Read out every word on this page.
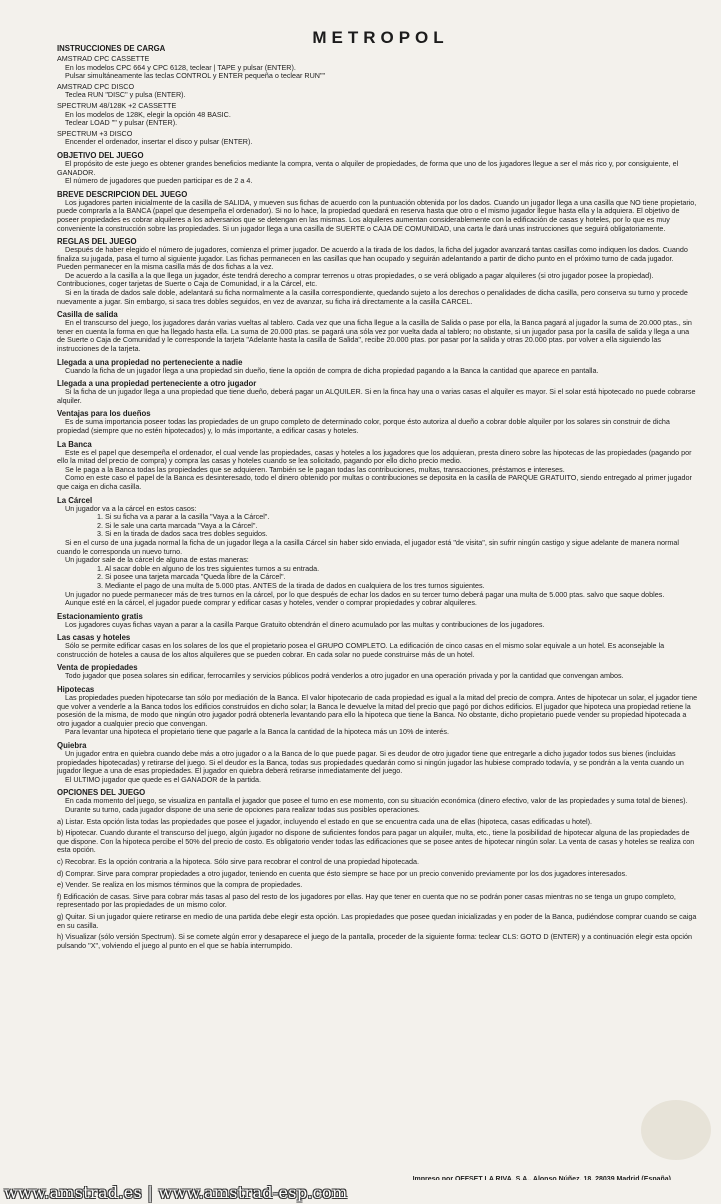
METROPOL
INSTRUCCIONES DE CARGA
AMSTRAD CPC CASSETTE
En los modelos CPC 664 y CPC 6128, teclear | TAPE y pulsar (ENTER).
Pulsar simultáneamente las teclas CONTROL y ENTER pequeña o teclear RUN""
AMSTRAD CPC DISCO
Teclea RUN "DISC" y pulsa (ENTER).
SPECTRUM 48/128K +2 CASSETTE
En los modelos de 128K, elegir la opción 48 BASIC.
Teclear LOAD "" y pulsar (ENTER).
SPECTRUM +3 DISCO
Encender el ordenador, insertar el disco y pulsar (ENTER).
OBJETIVO DEL JUEGO
El propósito de este juego es obtener grandes beneficios mediante la compra, venta o alquiler de propiedades, de forma que uno de los jugadores llegue a ser el más rico y, por consiguiente, el GANADOR.
El número de jugadores que pueden participar es de 2 a 4.
BREVE DESCRIPCION DEL JUEGO
Los jugadores parten inicialmente de la casilla de SALIDA, y mueven sus fichas de acuerdo con la puntuación obtenida por los dados. Cuando un jugador llega a una casilla que NO tiene propietario, puede comprarla a la BANCA (papel que desempeña el ordenador). Si no lo hace, la propiedad quedará en reserva hasta que otro o el mismo jugador llegue hasta ella y la adquiera. El objetivo de poseer propiedades es cobrar alquileres a los adversarios que se detengan en las mismas. Los alquileres aumentan considerablemente con la edificación de casas y hoteles, por lo que es muy conveniente la construcción sobre las propiedades. Si un jugador llega a una casilla de SUERTE o CAJA DE COMUNIDAD, una carta le dará unas instrucciones que seguirá obligatoriamente.
REGLAS DEL JUEGO
Después de haber elegido el número de jugadores, comienza el primer jugador. De acuerdo a la tirada de los dados, la ficha del jugador avanzará tantas casillas como indiquen los dados. Cuando finaliza su jugada, pasa el turno al siguiente jugador. Las fichas permanecen en las casillas que han ocupado y seguirán adelantando a partir de dicho punto en el próximo turno de cada jugador. Pueden permanecer en la misma casilla más de dos fichas a la vez.
De acuerdo a la casilla a la que llega un jugador, éste tendrá derecho a comprar terrenos u otras propiedades, o se verá obligado a pagar alquileres (si otro jugador posee la propiedad). Contribuciones, coger tarjetas de Suerte o Caja de Comunidad, ir a la Cárcel, etc.
Si en la tirada de dados sale doble, adelantará su ficha normalmente a la casilla correspondiente, quedando sujeto a los derechos o penalidades de dicha casilla, pero conserva su turno y procede nuevamente a jugar. Sin embargo, si saca tres dobles seguidos, en vez de avanzar, su ficha irá directamente a la casilla CARCEL.
Casilla de salida
En el transcurso del juego, los jugadores darán varias vueltas al tablero. Cada vez que una ficha llegue a la casilla de Salida o pase por ella, la Banca pagará al jugador la suma de 20.000 ptas., sin tener en cuenta la forma en que ha llegado hasta ella. La suma de 20.000 ptas. se pagará una sóla vez por vuelta dada al tablero; no obstante, si un jugador pasa por la casilla de salida y llega a una de Suerte o Caja de Comunidad y le corresponde la tarjeta "Adelante hasta la casilla de Salida", recibe 20.000 ptas. por pasar por la salida y otras 20.000 ptas. por volver a ella siguiendo las instrucciones de la tarjeta.
Llegada a una propiedad no perteneciente a nadie
Cuando la ficha de un jugador llega a una propiedad sin dueño, tiene la opción de compra de dicha propiedad pagando a la Banca la cantidad que aparece en pantalla.
Llegada a una propiedad perteneciente a otro jugador
Si la ficha de un jugador llega a una propiedad que tiene dueño, deberá pagar un ALQUILER. Si en la finca hay una o varias casas el alquiler es mayor. Si el solar está hipotecado no puede cobrarse alquiler.
Ventajas para los dueños
Es de suma importancia poseer todas las propiedades de un grupo completo de determinado color, porque ésto autoriza al dueño a cobrar doble alquiler por los solares sin construir de dicha propiedad (siempre que no estén hipotecados) y, lo más importante, a edificar casas y hoteles.
La Banca
Este es el papel que desempeña el ordenador, el cual vende las propiedades, casas y hoteles a los jugadores que los adquieran, presta dinero sobre las hipotecas de las propiedades (pagando por ello la mitad del precio de compra) y compra las casas y hoteles cuando se lea solicitado, pagando por ello dicho precio medio.
Se le paga a la Banca todas las propiedades que se adquieren. También se le pagan todas las contribuciones, multas, transacciones, préstamos e intereses.
Como en este caso el papel de la Banca es desinteresado, todo el dinero obtenido por multas o contribuciones se deposita en la casilla de PARQUE GRATUITO, siendo entregado al primer jugador que caiga en dicha casilla.
La Cárcel
Un jugador va a la cárcel en estos casos:
1. Si su ficha va a parar a la casilla "Vaya a la Cárcel".
2. Si le sale una carta marcada "Vaya a la Cárcel".
3. Si en la tirada de dados saca tres dobles seguidos.
Si en el curso de una jugada normal la ficha de un jugador llega a la casilla Cárcel sin haber sido enviada, el jugador está "de visita", sin sufrir ningún castigo y sigue adelante de manera normal cuando le corresponda un nuevo turno.
Un jugador sale de la cárcel de alguna de estas maneras:
1. Al sacar doble en alguno de los tres siguientes turnos a su entrada.
2. Si posee una tarjeta marcada "Queda libre de la Cárcel".
3. Mediante el pago de una multa de 5.000 ptas. ANTES de la tirada de dados en cualquiera de los tres turnos siguientes.
Un jugador no puede permanecer más de tres turnos en la cárcel, por lo que después de echar los dados en su tercer turno deberá pagar una multa de 5.000 ptas. salvo que saque dobles.
Aunque esté en la cárcel, el jugador puede comprar y edificar casas y hoteles, vender o comprar propiedades y cobrar alquileres.
Estacionamiento gratis
Los jugadores cuyas fichas vayan a parar a la casilla Parque Gratuito obtendrán el dinero acumulado por las multas y contribuciones de los jugadores.
Las casas y hoteles
Sólo se permite edificar casas en los solares de los que el propietario posea el GRUPO COMPLETO. La edificación de cinco casas en el mismo solar equivale a un hotel. Es aconsejable la construcción de hoteles a causa de los altos alquileres que se pueden cobrar. En cada solar no puede construirse más de un hotel.
Venta de propiedades
Todo jugador que posea solares sin edificar, ferrocarriles y servicios públicos podrá venderlos a otro jugador en una operación privada y por la cantidad que convengan ambos.
Hipotecas
Las propiedades pueden hipotecarse tan sólo por mediación de la Banca. El valor hipotecario de cada propiedad es igual a la mitad del precio de compra. Antes de hipotecar un solar, el jugador tiene que volver a venderle a la Banca todos los edificios construidos en dicho solar; la Banca le devuelve la mitad del precio que pagó por dichos edificios. El jugador que hipoteca una propiedad retiene la posesión de la misma, de modo que ningún otro jugador podrá obtenerla levantando para ello la hipoteca que tiene la Banca. No obstante, dicho propietario puede vender su propiedad hipotecada a otro jugador a cualquier precio que convengan.
Para levantar una hipoteca el propietario tiene que pagarle a la Banca la cantidad de la hipoteca más un 10% de interés.
Quiebra
Un jugador entra en quiebra cuando debe más a otro jugador o a la Banca de lo que puede pagar. Si es deudor de otro jugador tiene que entregarle a dicho jugador todos sus bienes (incluidas propiedades hipotecadas) y retirarse del juego. Si el deudor es la Banca, todas sus propiedades quedarán como si ningún jugador las hubiese comprado todavía, y se pondrán a la venta cuando un jugador llegue a una de esas propiedades. El jugador en quiebra deberá retirarse inmediatamente del juego.
El ULTIMO jugador que quede es el GANADOR de la partida.
OPCIONES DEL JUEGO
En cada momento del juego, se visualiza en pantalla el jugador que posee el turno en ese momento, con su situación económica (dinero efectivo, valor de las propiedades y suma total de bienes).
Durante su turno, cada jugador dispone de una serie de opciones para realizar todas sus posibles operaciones.
a) Listar. Esta opción lista todas las propiedades que posee el jugador, incluyendo el estado en que se encuentra cada una de ellas (hipoteca, casas edificadas u hotel).
b) Hipotecar. Cuando durante el transcurso del juego, algún jugador no dispone de suficientes fondos para pagar un alquiler, multa, etc., tiene la posibilidad de hipotecar alguna de las propiedades de que dispone. Con la hipoteca percibe el 50% del precio de costo. Es obligatorio vender todas las edificaciones que se posee antes de hipotecar ningún solar. La venta de casas y hoteles se realiza con esta opción.
c) Recobrar. Es la opción contraria a la hipoteca. Sólo sirve para recobrar el control de una propiedad hipotecada.
d) Comprar. Sirve para comprar propiedades a otro jugador, teniendo en cuenta que ésto siempre se hace por un precio convenido previamente por los dos jugadores interesados.
e) Vender. Se realiza en los mismos términos que la compra de propiedades.
f) Edificación de casas. Sirve para cobrar más tasas al paso del resto de los jugadores por ellas. Hay que tener en cuenta que no se podrán poner casas mientras no se tenga un grupo completo, representado por las propiedades de un mismo color.
g) Quitar. Si un jugador quiere retirarse en medio de una partida debe elegir esta opción. Las propiedades que posee quedan inicializadas y en poder de la Banca, pudiéndose comprar cuando se caiga en su casilla.
h) Visualizar (sólo versión Spectrum). Si se comete algún error y desaparece el juego de la pantalla, proceder de la siguiente forma: teclear CLS: GOTO D (ENTER) y a continuación elegir esta opción pulsando "X", volviendo el juego al punto en el que se había interrumpido.
www.amstrad.es | www.amstrad-esp.com
